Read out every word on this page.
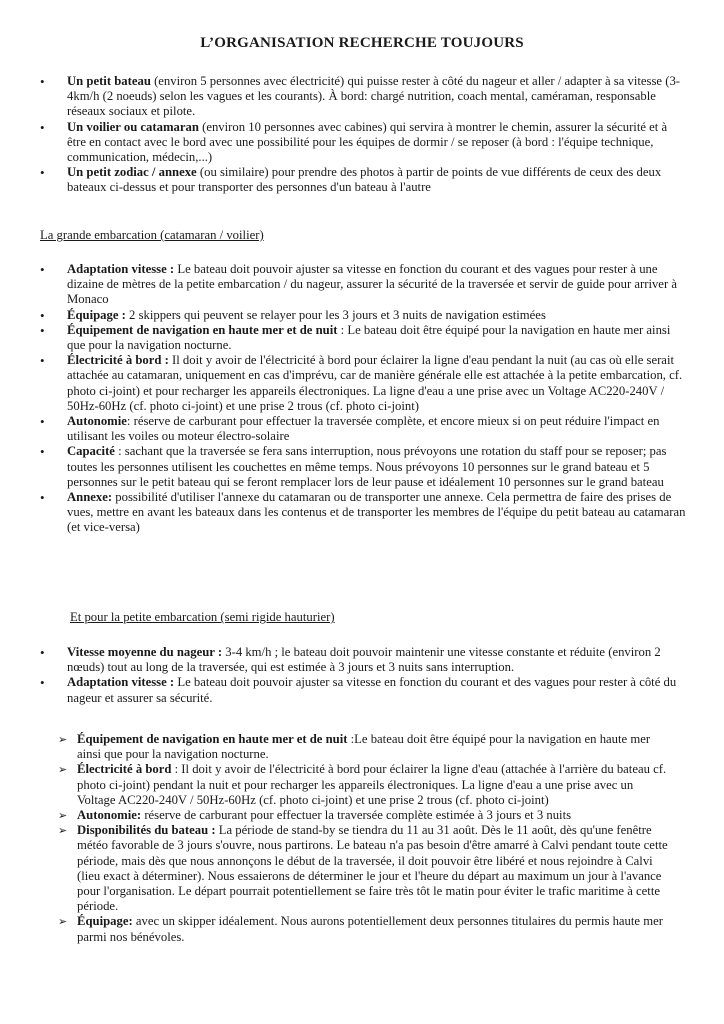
L’ORGANISATION RECHERCHE TOUJOURS
• Un petit bateau (environ 5 personnes avec électricité) qui puisse rester à côté du nageur et aller / adapter à sa vitesse (3-4km/h (2 noeuds) selon les vagues et les courants). À bord: chargé nutrition, coach mental, caméraman, responsable réseaux sociaux et pilote.
• Un voilier ou catamaran (environ 10 personnes avec cabines) qui servira à montrer le chemin, assurer la sécurité et à être en contact avec le bord avec une possibilité pour les équipes de dormir / se reposer (à bord : l'équipe technique, communication, médecin,...)
• Un petit zodiac / annexe (ou similaire) pour prendre des photos à partir de points de vue différents de ceux des deux bateaux ci-dessus et pour transporter des personnes d'un bateau à l'autre

La grande embarcation (catamaran / voilier)

• Adaptation vitesse : Le bateau doit pouvoir ajuster sa vitesse en fonction du courant et des vagues pour rester à une dizaine de mètres de la petite embarcation / du nageur, assurer la sécurité de la traversée et servir de guide pour arriver à Monaco
• Équipage : 2 skippers qui peuvent se relayer pour les 3 jours et 3 nuits de navigation estimées
• Équipement de navigation en haute mer et de nuit : Le bateau doit être équipé pour la navigation en haute mer ainsi que pour la navigation nocturne.
• Électricité à bord : Il doit y avoir de l'électricité à bord pour éclairer la ligne d'eau pendant la nuit (au cas où elle serait attachée au catamaran, uniquement en cas d'imprévu, car de manière générale elle est attachée à la petite embarcation, cf. photo ci-joint) et pour recharger les appareils électroniques. La ligne d'eau a une prise avec un Voltage AC220-240V / 50Hz-60Hz (cf. photo ci-joint) et une prise 2 trous (cf. photo ci-joint)
• Autonomie: réserve de carburant pour effectuer la traversée complète, et encore mieux si on peut réduire l'impact en utilisant les voiles ou moteur électro-solaire
• Capacité : sachant que la traversée se fera sans interruption, nous prévoyons une rotation du staff pour se reposer; pas toutes les personnes utilisent les couchettes en même temps. Nous prévoyons 10 personnes sur le grand bateau et 5 personnes sur le petit bateau qui se feront remplacer lors de leur pause et idéalement 10 personnes sur le grand bateau
• Annexe: possibilité d'utiliser l'annexe du catamaran ou de transporter une annexe. Cela permettra de faire des prises de vues, mettre en avant les bateaux dans les contenus et de transporter les membres de l'équipe du petit bateau au catamaran (et vice-versa)

Et pour la petite embarcation (semi rigide hauturier)

• Vitesse moyenne du nageur : 3-4 km/h ; le bateau doit pouvoir maintenir une vitesse constante et réduite (environ 2 nœuds) tout au long de la traversée, qui est estimée à 3 jours et 3 nuits sans interruption.
• Adaptation vitesse : Le bateau doit pouvoir ajuster sa vitesse en fonction du courant et des vagues pour rester à côté du nageur et assurer sa sécurité.
➢ Équipement de navigation en haute mer et de nuit :Le bateau doit être équipé pour la navigation en haute mer ainsi que pour la navigation nocturne.
➢ Électricité à bord : Il doit y avoir de l'électricité à bord pour éclairer la ligne d'eau (attachée à l'arrière du bateau cf. photo ci-joint) pendant la nuit et pour recharger les appareils électroniques. La ligne d'eau a une prise avec un Voltage AC220-240V / 50Hz-60Hz (cf. photo ci-joint) et une prise 2 trous (cf. photo ci-joint)
➢ Autonomie: réserve de carburant pour effectuer la traversée complète estimée à 3 jours et 3 nuits
➢ Disponibilités du bateau : La période de stand-by se tiendra du 11 au 31 août. Dès le 11 août, dès qu'une fenêtre météo favorable de 3 jours s'ouvre, nous partirons. Le bateau n'a pas besoin d'être amarré à Calvi pendant toute cette période, mais dès que nous annonçons le début de la traversée, il doit pouvoir être libéré et nous rejoindre à Calvi (lieu exact à déterminer). Nous essaierons de déterminer le jour et l'heure du départ au maximum un jour à l'avance pour l'organisation. Le départ pourrait potentiellement se faire très tôt le matin pour éviter le trafic maritime à cette période.
➢ Équipage: avec un skipper idéalement. Nous aurons potentiellement deux personnes titulaires du permis haute mer parmi nos bénévoles.
